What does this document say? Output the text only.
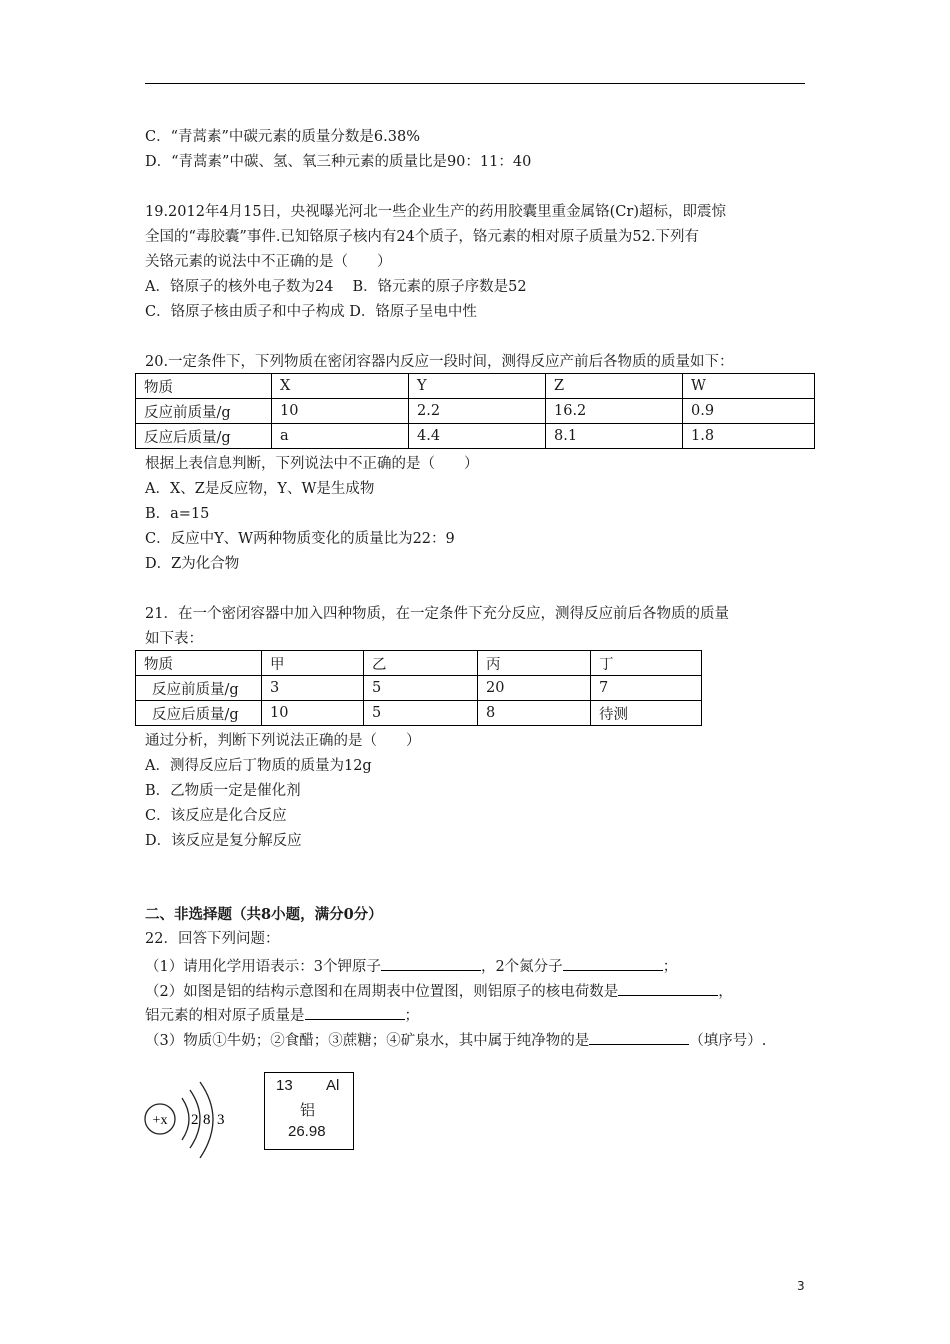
C．“青蒿素”中碳元素的质量分数是6.38%
D．“青蒿素”中碳、氢、氧三种元素的质量比是90：11：40
19.2012年4月15日，央视曝光河北一些企业生产的药用胶囊里重金属铬(Cr)超标，即震惊
全国的“毒胶囊”事件.已知铬原子核内有24个质子，铬元素的相对原子质量为52.下列有
关铬元素的说法中不正确的是（　　）
A．铬原子的核外电子数为24　 B．铬元素的原子序数是52
C．铬原子核由质子和中子构成 D．铬原子呈电中性
20.一定条件下，下列物质在密闭容器内反应一段时间，测得反应产前后各物质的质量如下：
物质	X	Y	Z	W
反应前质量/g	10	2.2	16.2	0.9
反应后质量/g	a	4.4	8.1	1.8
根据上表信息判断，下列说法中不正确的是（　　）
A．X、Z是反应物，Y、W是生成物
B．a=15
C．反应中Y、W两种物质变化的质量比为22：9
D．Z为化合物
21．在一个密闭容器中加入四种物质，在一定条件下充分反应，测得反应前后各物质的质量
如下表：
物质	甲	乙	丙	丁
反应前质量/g	3	5	20	7
反应后质量/g	10	5	8	待测
通过分析，判断下列说法正确的是（　　）
A．测得反应后丁物质的质量为12g
B．乙物质一定是催化剂
C．该反应是化合反应
D．该反应是复分解反应
二、非选择题（共8小题，满分0分）
22．回答下列问题：
（1）请用化学用语表示：3个钾原子	，2个氮分子	；
（2）如图是铝的结构示意图和在周期表中位置图，则铝原子的核电荷数是	，
铝元素的相对原子质量是	；
（3）物质①牛奶；②食醋；③蔗糖；④矿泉水，其中属于纯净物的是	（填序号）.
+x 2 8 3
13 Al
铝
26.98
3
